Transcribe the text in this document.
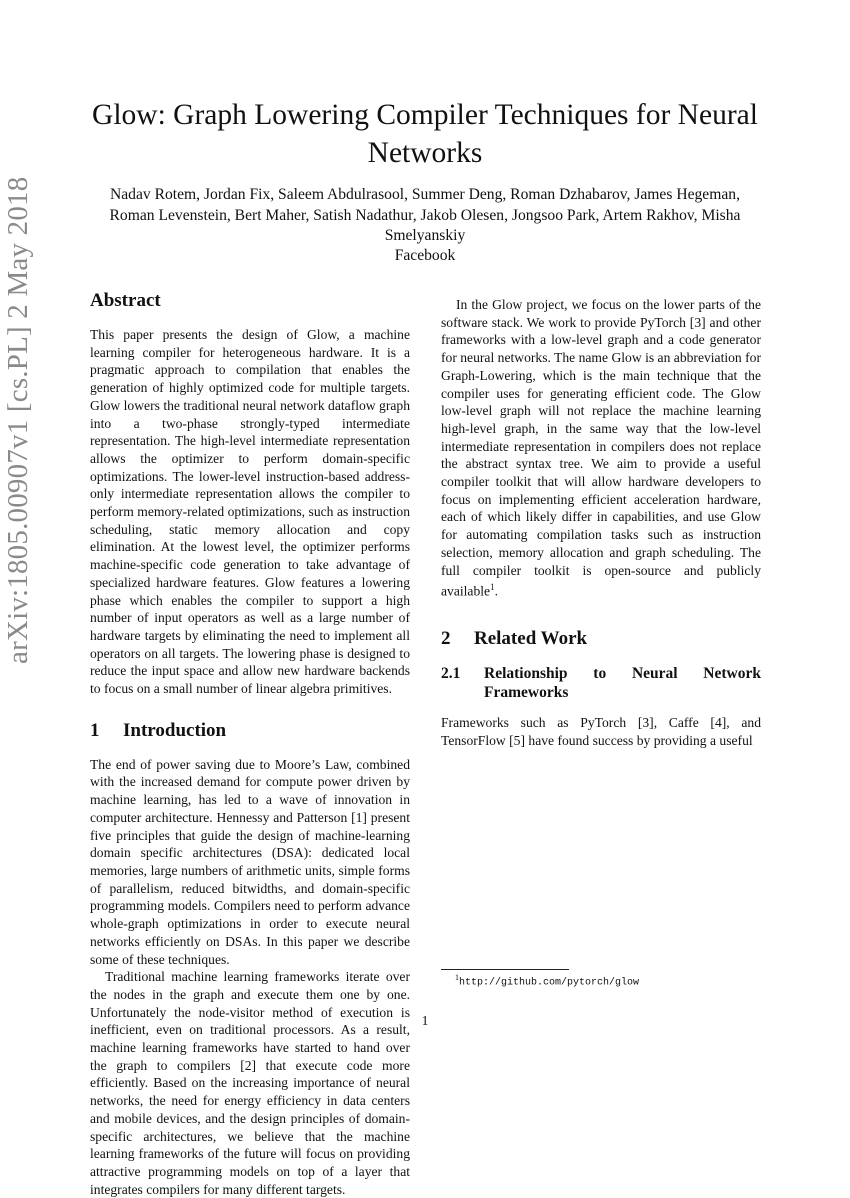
arXiv:1805.00907v1 [cs.PL] 2 May 2018
Glow: Graph Lowering Compiler Techniques for Neural Networks
Nadav Rotem, Jordan Fix, Saleem Abdulrasool, Summer Deng, Roman Dzhabarov, James Hegeman, Roman Levenstein, Bert Maher, Satish Nadathur, Jakob Olesen, Jongsoo Park, Artem Rakhov, Misha Smelyanskiy
Facebook
Abstract

This paper presents the design of Glow, a machine learning compiler for heterogeneous hardware. It is a pragmatic approach to compilation that enables the generation of highly optimized code for multiple targets. Glow lowers the traditional neural network dataflow graph into a two-phase strongly-typed intermediate representation. The high-level intermediate representation allows the optimizer to perform domain-specific optimizations. The lower-level instruction-based address-only intermediate representation allows the compiler to perform memory-related optimizations, such as instruction scheduling, static memory allocation and copy elimination. At the lowest level, the optimizer performs machine-specific code generation to take advantage of specialized hardware features. Glow features a lowering phase which enables the compiler to support a high number of input operators as well as a large number of hardware targets by eliminating the need to implement all operators on all targets. The lowering phase is designed to reduce the input space and allow new hardware backends to focus on a small number of linear algebra primitives.

1 Introduction

The end of power saving due to Moore’s Law, combined with the increased demand for compute power driven by machine learning, has led to a wave of innovation in computer architecture. Hennessy and Patterson [1] present five principles that guide the design of machine-learning domain specific architectures (DSA): dedicated local memories, large numbers of arithmetic units, simple forms of parallelism, reduced bitwidths, and domain-specific programming models. Compilers need to perform advance whole-graph optimizations in order to execute neural networks efficiently on DSAs. In this paper we describe some of these techniques.

Traditional machine learning frameworks iterate over the nodes in the graph and execute them one by one. Unfortunately the node-visitor method of execution is inefficient, even on traditional processors. As a result, machine learning frameworks have started to hand over the graph to compilers [2] that execute code more efficiently. Based on the increasing importance of neural networks, the need for energy efficiency in data centers and mobile devices, and the design principles of domain-specific architectures, we believe that the machine learning frameworks of the future will focus on providing attractive programming models on top of a layer that integrates compilers for many different targets.

In the Glow project, we focus on the lower parts of the software stack. We work to provide PyTorch [3] and other frameworks with a low-level graph and a code generator for neural networks. The name Glow is an abbreviation for Graph-Lowering, which is the main technique that the compiler uses for generating efficient code. The Glow low-level graph will not replace the machine learning high-level graph, in the same way that the low-level intermediate representation in compilers does not replace the abstract syntax tree. We aim to provide a useful compiler toolkit that will allow hardware developers to focus on implementing efficient acceleration hardware, each of which likely differ in capabilities, and use Glow for automating compilation tasks such as instruction selection, memory allocation and graph scheduling. The full compiler toolkit is open-source and publicly available$^1$.

2 Related Work
2.1	Relationship to Neural Network Frameworks

Frameworks such as PyTorch [3], Caffe [4], and TensorFlow [5] have found success by providing a useful

$^1$http://github.com/pytorch/glow
1
